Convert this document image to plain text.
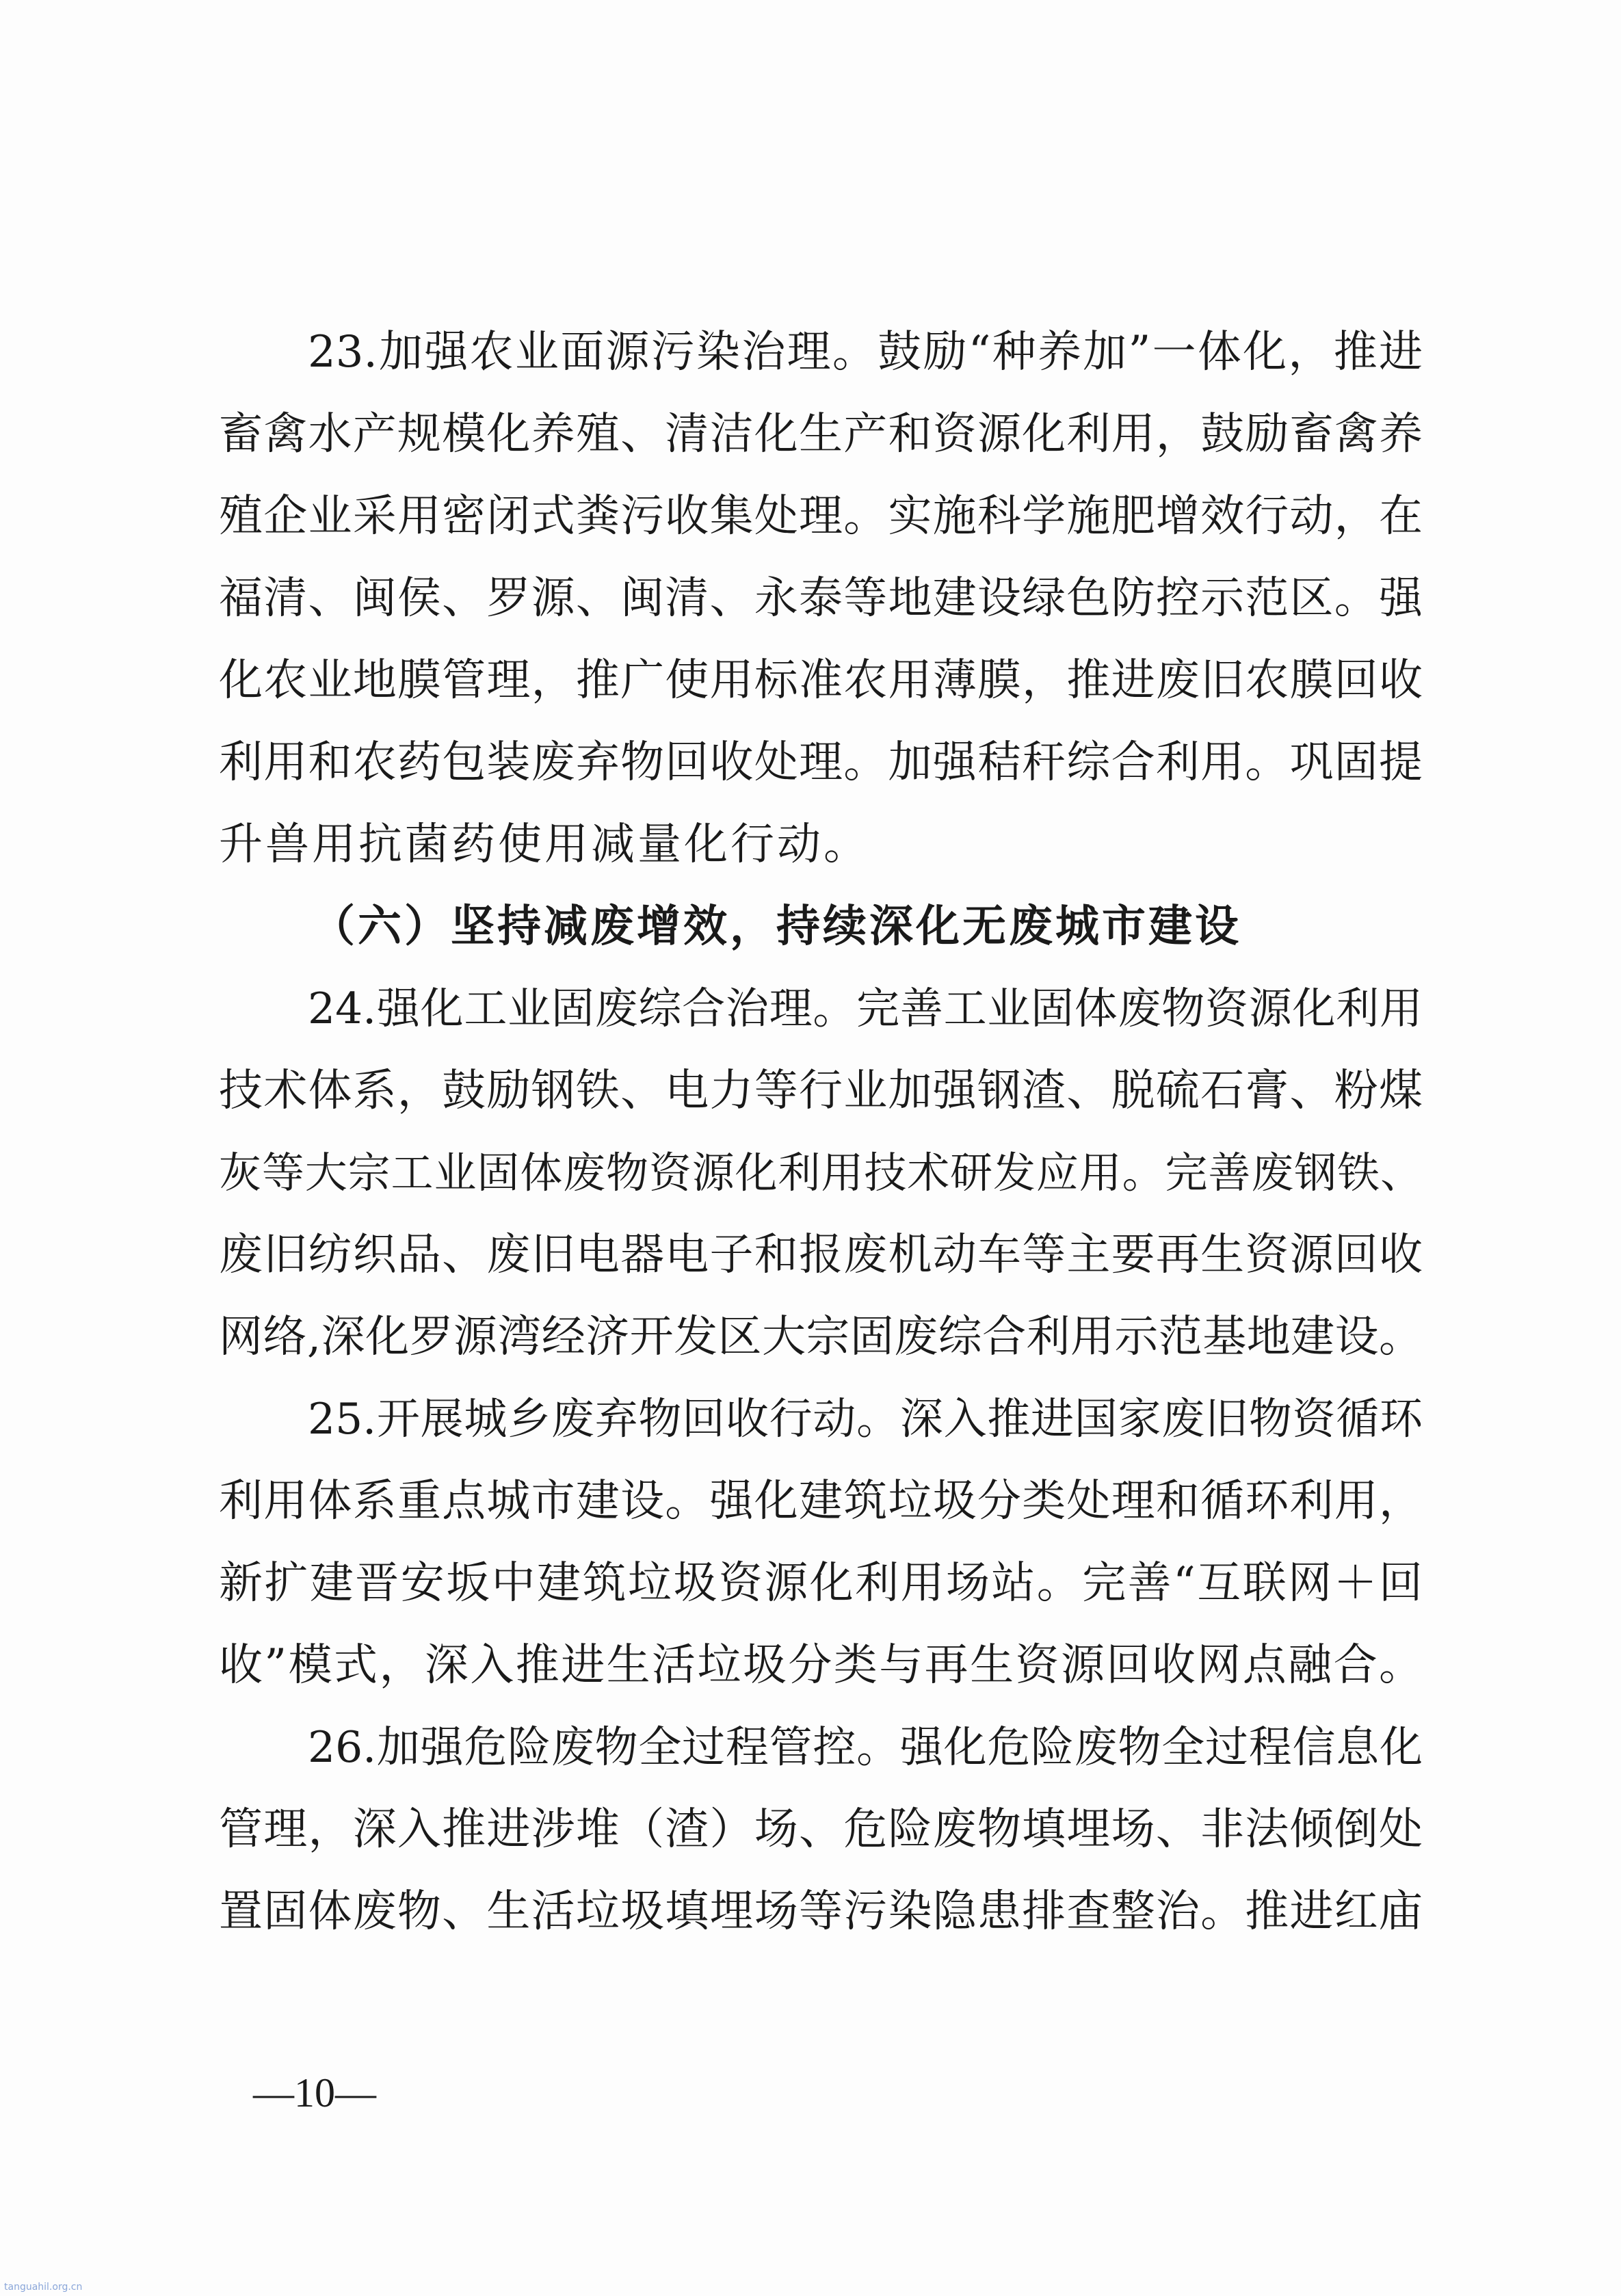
23.加强农业面源污染治理。鼓励“种养加”一体化，推进
畜禽水产规模化养殖、清洁化生产和资源化利用，鼓励畜禽养
殖企业采用密闭式粪污收集处理。实施科学施肥增效行动，在
福清、闽侯、罗源、闽清、永泰等地建设绿色防控示范区。强
化农业地膜管理，推广使用标准农用薄膜，推进废旧农膜回收
利用和农药包装废弃物回收处理。加强秸秆综合利用。巩固提
升兽用抗菌药使用减量化行动。
（六）坚持减废增效，持续深化无废城市建设
24.强化工业固废综合治理。完善工业固体废物资源化利用
技术体系，鼓励钢铁、电力等行业加强钢渣、脱硫石膏、粉煤
灰等大宗工业固体废物资源化利用技术研发应用。完善废钢铁、
废旧纺织品、废旧电器电子和报废机动车等主要再生资源回收
网络,深化罗源湾经济开发区大宗固废综合利用示范基地建设。
25.开展城乡废弃物回收行动。深入推进国家废旧物资循环
利用体系重点城市建设。强化建筑垃圾分类处理和循环利用，
新扩建晋安坂中建筑垃圾资源化利用场站。完善“互联网＋回
收”模式，深入推进生活垃圾分类与再生资源回收网点融合。
26.加强危险废物全过程管控。强化危险废物全过程信息化
管理，深入推进涉堆（渣）场、危险废物填埋场、非法倾倒处
置固体废物、生活垃圾填埋场等污染隐患排查整治。推进红庙
—10—
tanguahil.org.cn
